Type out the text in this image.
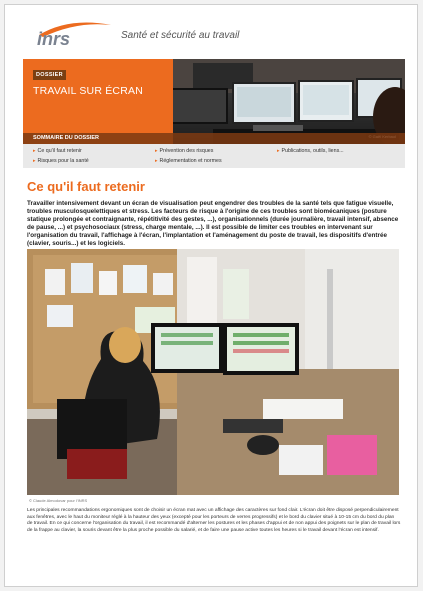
inrs	Santé et sécurité au travail
DOSSIER
TRAVAIL SUR ÉCRAN
SOMMAIRE DU DOSSIER
▸ Ce qu'il faut retenir
▸ Risques pour la santé
▸ Prévention des risques
▸ Réglementation et normes
▸ Publications, outils, liens...
Ce qu'il faut retenir
Travailler intensivement devant un écran de visualisation peut engendrer des troubles de la santé tels que fatigue visuelle, troubles musculosquelettiques et stress. Les facteurs de risque à l'origine de ces troubles sont biomécaniques (posture statique prolongée et contraignante, répétitivité des gestes, ...), organisationnels (durée journalière, travail intensif, absence de pause, ...) et psychosociaux (stress, charge mentale, ...). Il est possible de limiter ces troubles en intervenant sur l'organisation du travail, l'affichage à l'écran, l'implantation et l'aménagement du poste de travail, les dispositifs d'entrée (clavier, souris...) et les logiciels.
© Claude Almodovar pour l'INRS
Les principales recommandations ergonomiques sont de choisir un écran mat avec un affichage des caractères sur fond clair. L'écran doit être disposé perpendiculairement aux fenêtres, avec le haut du moniteur réglé à la hauteur des yeux (excepté pour les porteurs de verres progressifs) et le bord du clavier situé à 10-15 cm du bord du plan de travail. En ce qui concerne l'organisation du travail, il est recommandé d'alterner les postures et les phases d'appui et de non appui des poignets sur le plan de travail lors de la frappe au clavier, la souris devant être la plus proche possible du salarié, et de faire une pause active toutes les heures si le travail devant l'écran est intensif.
